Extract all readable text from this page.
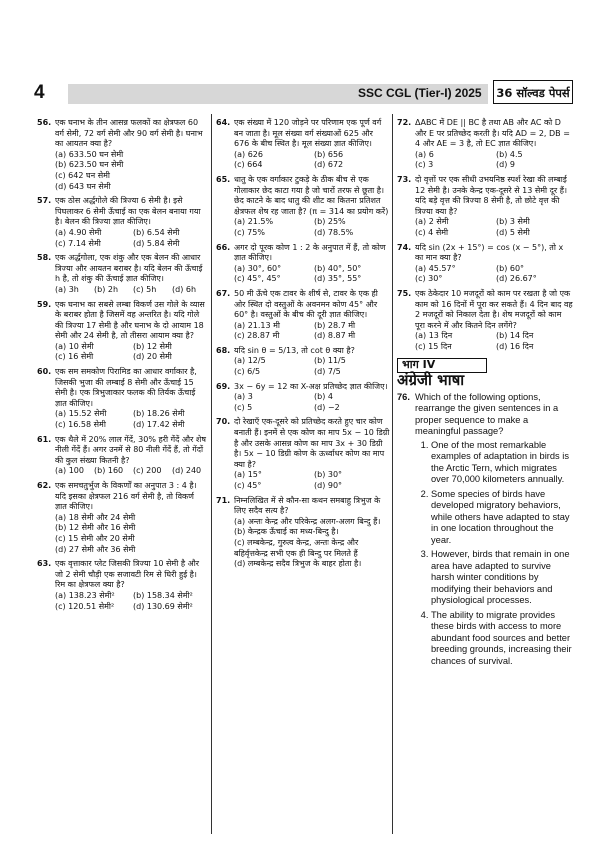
4	SSC CGL (Tier-I) 2025 36 सॉल्वड पेपर्स
56. एक घनाभ के तीन आसन्न फलकों का क्षेत्रफल 60 वर्ग सेमी, 72 वर्ग सेमी और 90 वर्ग सेमी है। घनाभ का आयतन क्या है?
(a) 633.50 घन सेमी
(b) 623.50 घन सेमी
(c) 642 घन सेमी
(d) 643 घन सेमी
57. एक ठोस अर्द्धगोले की त्रिज्या 6 सेमी है। इसे पिघलाकर 6 सेमी ऊँचाई का एक बेलन बनाया गया है। बेलन की त्रिज्या ज्ञात कीजिए।
(a) 4.90 सेमी	(b) 6.54 सेमी
(c) 7.14 सेमी	(d) 5.84 सेमी
58. एक अर्द्धगोला, एक शंकु और एक बेलन की आधार त्रिज्या और आयतन बराबर है। यदि बेलन की ऊँचाई h है, तो शंकु की ऊँचाई ज्ञात कीजिए।
(a) 3h	(b) 2h	(c) 5h	(d) 6h
59. एक घनाभ का सबसे लम्बा विकर्ण उस गोले के व्यास के बराबर होता है जिसमें वह अन्तरित है। यदि गोले की त्रिज्या 17 सेमी है और घनाभ के दो आयाम 18 सेमी और 24 सेमी है, तो तीसरा आयाम क्या है?
(a) 10 सेमी	(b) 12 सेमी
(c) 16 सेमी	(d) 20 सेमी
60. एक सम समकोण पिरामिड का आधार वर्गाकार है, जिसकी भुजा की लम्बाई 8 सेमी और ऊँचाई 15 सेमी है। एक त्रिभुजाकार फलक की तिर्यक ऊँचाई ज्ञात कीजिए।
(a) 15.52 सेमी	(b) 18.26 सेमी
(c) 16.58 सेमी	(d) 17.42 सेमी
61. एक थैले में 20% लाल गेंदें, 30% हरी गेंदें और शेष नीली गेंदें हैं। अगर उनमें से 80 नीली गेंदें हैं, तो गेंदों की कुल संख्या कितनी है?
(a) 100	(b) 160	(c) 200	(d) 240
62. एक समचतुर्भुज के विकर्णों का अनुपात 3 : 4 है। यदि इसका क्षेत्रफल 216 वर्ग सेमी है, तो विकर्ण ज्ञात कीजिए।
(a) 18 सेमी और 24 सेमी
(b) 12 सेमी और 16 सेमी
(c) 15 सेमी और 20 सेमी
(d) 27 सेमी और 36 सेमी
63. एक वृत्ताकार प्लेट जिसकी त्रिज्या 10 सेमी है और जो 2 सेमी चौड़ी एक सजावटी रिम से घिरी हुई है। रिम का क्षेत्रफल क्या है?
(a) 138.23 सेमी²	(b) 158.34 सेमी²
(c) 120.51 सेमी²	(d) 130.69 सेमी²
64. एक संख्या में 120 जोड़ने पर परिणाम एक पूर्ण वर्ग बन जाता है। मूल संख्या वर्ग संख्याओं 625 और 676 के बीच स्थित है। मूल संख्या ज्ञात कीजिए।
(a) 626	(b) 656
(c) 664	(d) 672
65. धातु के एक वर्गाकार टुकड़े के ठीक बीच से एक गोलाकार छेद काटा गया है जो चारों तरफ से छूता है। छेद काटने के बाद धातु की शीट का कितना प्रतिशत क्षेत्रफल शेष रह जाता है? (π = 314 का प्रयोग करें)
(a) 21.5%	(b) 25%
(c) 75%	(d) 78.5%
66. अगर दो पूरक कोण 1 : 2 के अनुपात में हैं, तो कोण ज्ञात कीजिए।
(a) 30°, 60°	(b) 40°, 50°
(c) 45°, 45°	(d) 35°, 55°
67. 50 मी ऊँचे एक टावर के शीर्ष से, टावर के एक ही ओर स्थित दो वस्तुओं के अवनमन कोण 45° और 60° है। वस्तुओं के बीच की दूरी ज्ञात कीजिए।
(a) 21.13 मी	(b) 28.7 मी
(c) 28.87 मी	(d) 8.87 मी
68. यदि sin θ = 5/13, तो cot θ क्या है?
(a) 12/5	(b) 11/5
(c) 6/5	(d) 7/5
69. 3x − 6y = 12 का X-अक्ष प्रतिच्छेद ज्ञात कीजिए।
(a) 3	(b) 4
(c) 5	(d) −2
70. दो रेखाएँ एक-दूसरे को प्रतिच्छेद करते हुए चार कोण बनाती हैं। इनमें से एक कोण का माप 5x − 10 डिग्री है और उसके आसन्न कोण का माप 3x + 30 डिग्री है। 5x − 10 डिग्री कोण के ऊर्ध्वाधर कोण का माप क्या है?
(a) 15°	(b) 30°
(c) 45°	(d) 90°
71. निम्नलिखित में से कौन-सा कथन समबाहु त्रिभुज के लिए सदैव सत्य है?
(a) अन्तः केन्द्र और परिकेन्द्र अलग-अलग बिन्दु हैं।
(b) केन्द्रक ऊँचाई का मध्य-बिन्दु है।
(c) लम्बकेन्द्र, गुरुत्व केन्द्र, अन्तः केन्द्र और बहिर्वृत्तकेन्द्र सभी एक ही बिन्दु पर मिलते हैं
(d) लम्बकेन्द्र सदैव त्रिभुज के बाहर होता है।
72. ΔABC में DE || BC है तथा AB और AC को D और E पर प्रतिच्छेद करती है। यदि AD = 2, DB = 4 और AE = 3 है, तो EC ज्ञात कीजिए।
(a) 6	(b) 4.5
(c) 3	(d) 9
73. दो वृत्तों पर एक सीधी उभयनिष्ठ स्पर्श रेखा की लम्बाई 12 सेमी है। उनके केन्द्र एक-दूसरे से 13 सेमी दूर हैं। यदि बड़े वृत्त की त्रिज्या 8 सेमी है, तो छोटे वृत्त की त्रिज्या क्या है?
(a) 2 सेमी	(b) 3 सेमी
(c) 4 सेमी	(d) 5 सेमी
74. यदि sin (2x + 15°) = cos (x − 5°), तो x का मान क्या है?
(a) 45.57°	(b) 60°
(c) 30°	(d) 26.67°
75. एक ठेकेदार 10 मजदूरों को काम पर रखता है जो एक काम को 16 दिनों में पूरा कर सकते हैं। 4 दिन बाद वह 2 मजदूरों को निकाल देता है। शेष मजदूरों को काम पूरा करने में और कितने दिन लगेंगे?
(a) 13 दिन	(b) 14 दिन
(c) 15 दिन	(d) 16 दिन
भाग IV
अंग्रेजी भाषा
76. Which of the following options, rearrange the given sentences in a proper sequence to make a meaningful passage?
1. One of the most remarkable examples of adaptation in birds is the Arctic Tern, which migrates over 70,000 kilometers annually.
2. Some species of birds have developed migratory behaviors, while others have adapted to stay in one location throughout the year.
3. However, birds that remain in one area have adapted to survive harsh winter conditions by modifying their behaviors and physiological processes.
4. The ability to migrate provides these birds with access to more abundant food sources and better breeding grounds, increasing their chances of survival.
